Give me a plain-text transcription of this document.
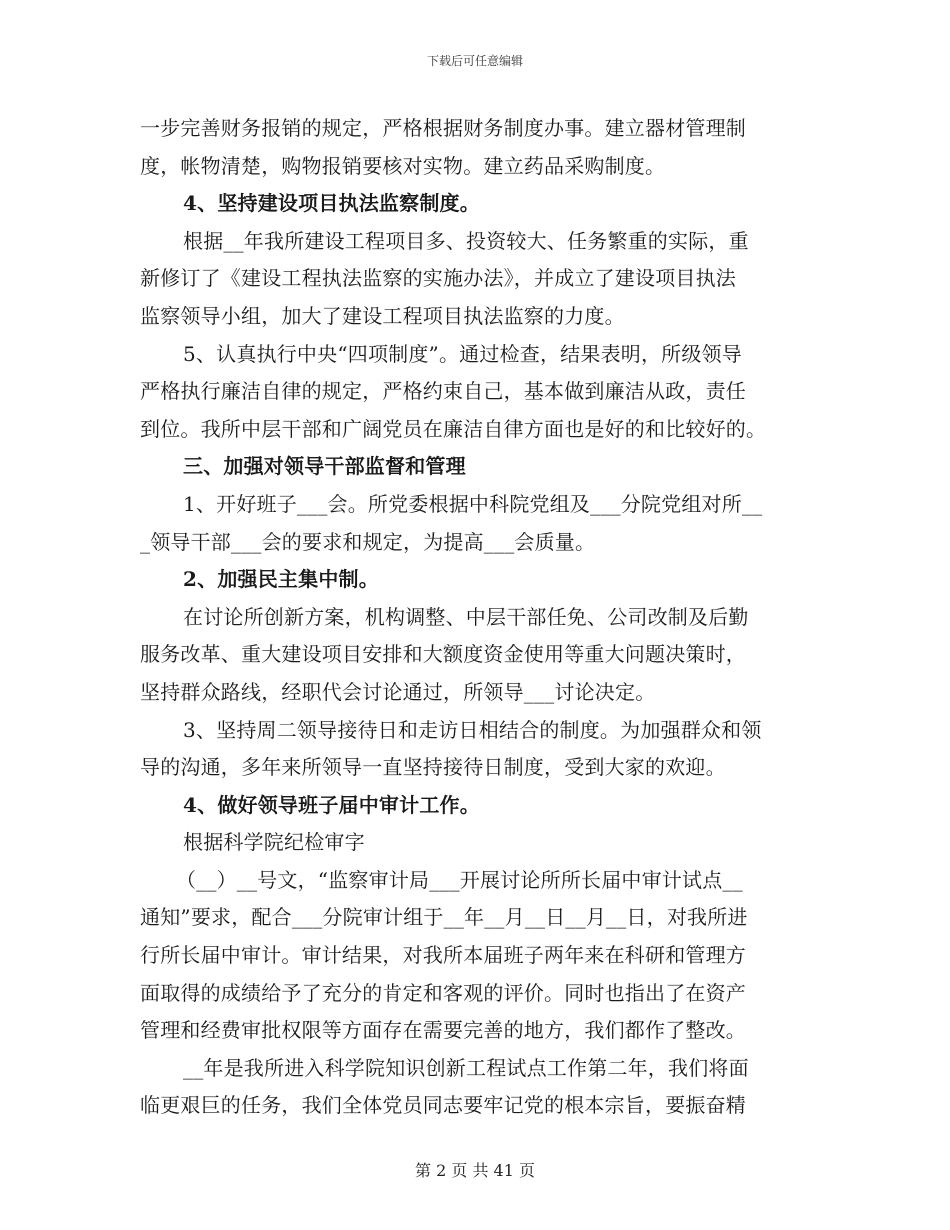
下载后可任意编辑
一步完善财务报销的规定，严格根据财务制度办事。建立器材管理制
度，帐物清楚，购物报销要核对实物。建立药品采购制度。
4、坚持建设项目执法监察制度。
根据__年我所建设工程项目多、投资较大、任务繁重的实际，重
新修订了《建设工程执法监察的实施办法》，并成立了建设项目执法
监察领导小组，加大了建设工程项目执法监察的力度。
5、认真执行中央“四项制度”。通过检查，结果表明，所级领导
严格执行廉洁自律的规定，严格约束自己，基本做到廉洁从政，责任
到位。我所中层干部和广阔党员在廉洁自律方面也是好的和比较好的。
三、加强对领导干部监督和管理
1、开好班子___会。所党委根据中科院党组及___分院党组对所__
_领导干部___会的要求和规定，为提高___会质量。
2、加强民主集中制。
在讨论所创新方案，机构调整、中层干部任免、公司改制及后勤
服务改革、重大建设项目安排和大额度资金使用等重大问题决策时，
坚持群众路线，经职代会讨论通过，所领导___讨论决定。
3、坚持周二领导接待日和走访日相结合的制度。为加强群众和领
导的沟通，多年来所领导一直坚持接待日制度，受到大家的欢迎。
4、做好领导班子届中审计工作。
根据科学院纪检审字
（__）__号文，“监察审计局___开展讨论所所长届中审计试点__
通知”要求，配合___分院审计组于__年__月__日__月__日，对我所进
行所长届中审计。审计结果，对我所本届班子两年来在科研和管理方
面取得的成绩给予了充分的肯定和客观的评价。同时也指出了在资产
管理和经费审批权限等方面存在需要完善的地方，我们都作了整改。
__年是我所进入科学院知识创新工程试点工作第二年，我们将面
临更艰巨的任务，我们全体党员同志要牢记党的根本宗旨，要振奋精
第 2 页 共 41 页
